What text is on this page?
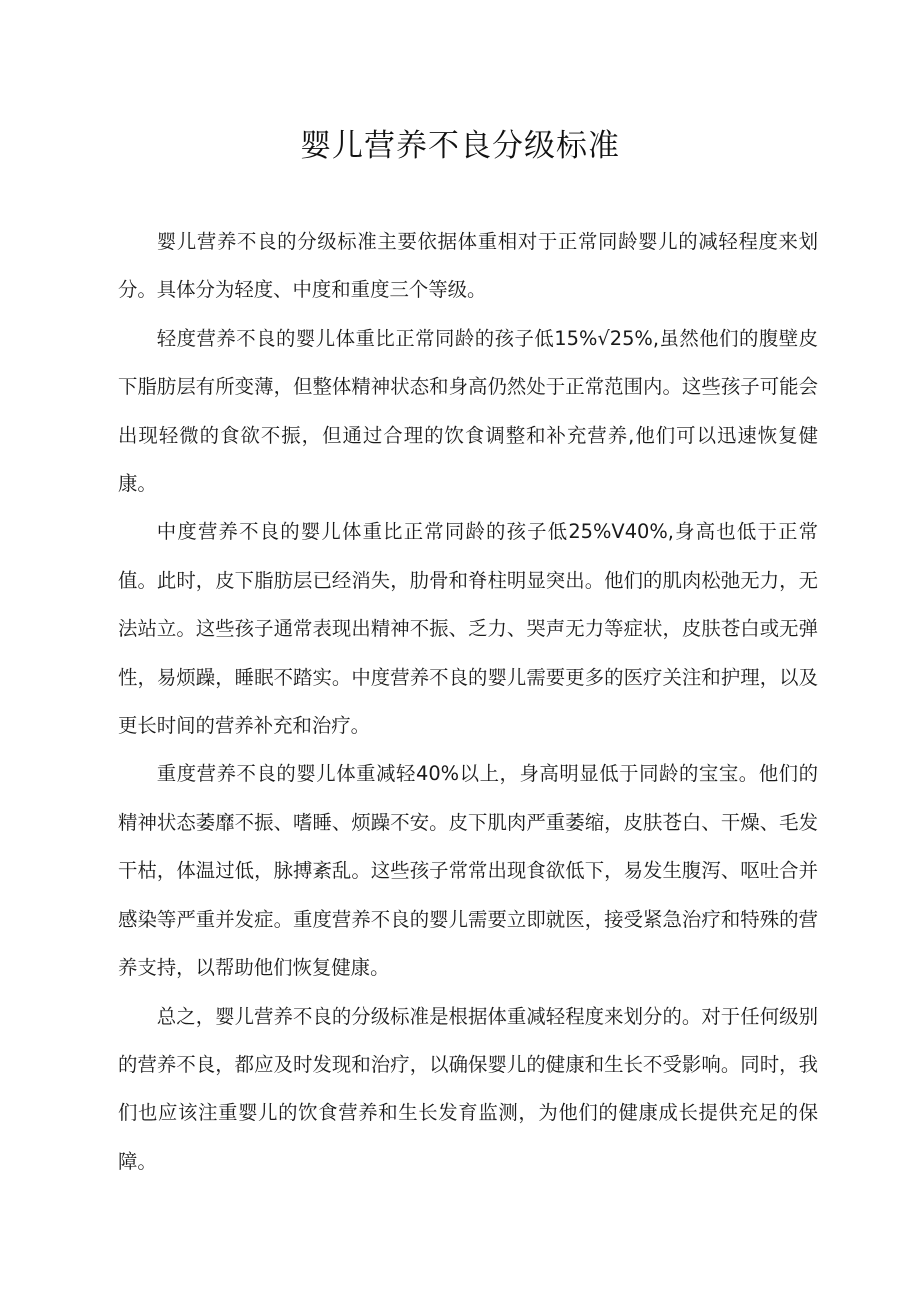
婴儿营养不良分级标准

婴儿营养不良的分级标准主要依据体重相对于正常同龄婴儿的减轻程度来划分。具体分为轻度、中度和重度三个等级。

轻度营养不良的婴儿体重比正常同龄的孩子低15%√25%,虽然他们的腹壁皮下脂肪层有所变薄，但整体精神状态和身高仍然处于正常范围内。这些孩子可能会出现轻微的食欲不振，但通过合理的饮食调整和补充营养,他们可以迅速恢复健康。

中度营养不良的婴儿体重比正常同龄的孩子低25%V40%,身高也低于正常值。此时，皮下脂肪层已经消失，肋骨和脊柱明显突出。他们的肌肉松弛无力，无法站立。这些孩子通常表现出精神不振、乏力、哭声无力等症状，皮肤苍白或无弹性，易烦躁，睡眠不踏实。中度营养不良的婴儿需要更多的医疗关注和护理，以及更长时间的营养补充和治疗。

重度营养不良的婴儿体重减轻40%以上，身高明显低于同龄的宝宝。他们的精神状态萎靡不振、嗜睡、烦躁不安。皮下肌肉严重萎缩，皮肤苍白、干燥、毛发干枯，体温过低，脉搏紊乱。这些孩子常常出现食欲低下，易发生腹泻、呕吐合并感染等严重并发症。重度营养不良的婴儿需要立即就医，接受紧急治疗和特殊的营养支持，以帮助他们恢复健康。

总之，婴儿营养不良的分级标准是根据体重减轻程度来划分的。对于任何级别的营养不良，都应及时发现和治疗，以确保婴儿的健康和生长不受影响。同时，我们也应该注重婴儿的饮食营养和生长发育监测，为他们的健康成长提供充足的保障。
